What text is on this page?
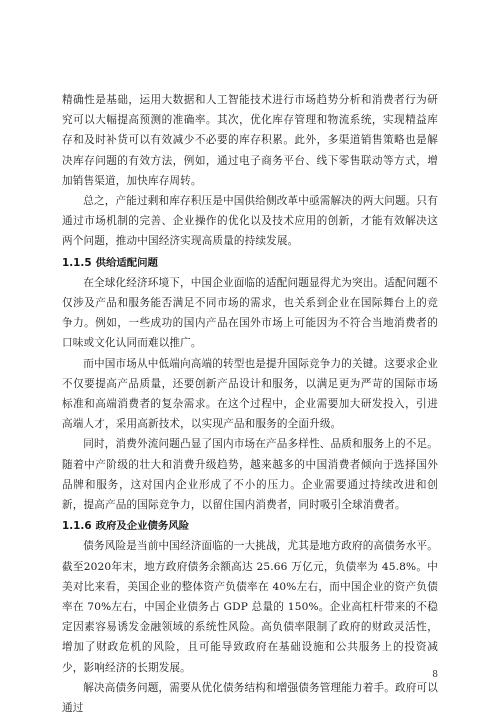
精确性是基础，运用大数据和人工智能技术进行市场趋势分析和消费者行为研究可以大幅提高预测的准确率。其次，优化库存管理和物流系统，实现精益库存和及时补货可以有效减少不必要的库存积累。此外，多渠道销售策略也是解决库存问题的有效方法，例如，通过电子商务平台、线下零售联动等方式，增加销售渠道，加快库存周转。

总之，产能过剩和库存积压是中国供给侧改革中亟需解决的两大问题。只有通过市场机制的完善、企业操作的优化以及技术应用的创新，才能有效解决这两个问题，推动中国经济实现高质量的持续发展。

1.1.5 供给适配问题

在全球化经济环境下，中国企业面临的适配问题显得尤为突出。适配问题不仅涉及产品和服务能否满足不同市场的需求，也关系到企业在国际舞台上的竞争力。例如，一些成功的国内产品在国外市场上可能因为不符合当地消费者的口味或文化认同而难以推广。

而中国市场从中低端向高端的转型也是提升国际竞争力的关键。这要求企业不仅要提高产品质量，还要创新产品设计和服务，以满足更为严苛的国际市场标准和高端消费者的复杂需求。在这个过程中，企业需要加大研发投入，引进高端人才，采用高新技术，以实现产品和服务的全面升级。

同时，消费外流问题凸显了国内市场在产品多样性、品质和服务上的不足。随着中产阶级的壮大和消费升级趋势，越来越多的中国消费者倾向于选择国外品牌和服务，这对国内企业形成了不小的压力。企业需要通过持续改进和创新，提高产品的国际竞争力，以留住国内消费者，同时吸引全球消费者。

1.1.6 政府及企业债务风险

债务风险是当前中国经济面临的一大挑战，尤其是地方政府的高债务水平。截至2020年末，地方政府债务余额高达 25.66 万亿元，负债率为 45.8%。中美对比来看，美国企业的整体资产负债率在 40%左右，而中国企业的资产负债率在 70%左右，中国企业债务占 GDP 总量的 150%。企业高杠杆带来的不稳定因素容易诱发金融领域的系统性风险。高负债率限制了政府的财政灵活性，增加了财政危机的风险，且可能导致政府在基础设施和公共服务上的投资减少，影响经济的长期发展。

解决高债务问题，需要从优化债务结构和增强债务管理能力着手。政府可以通过

8
